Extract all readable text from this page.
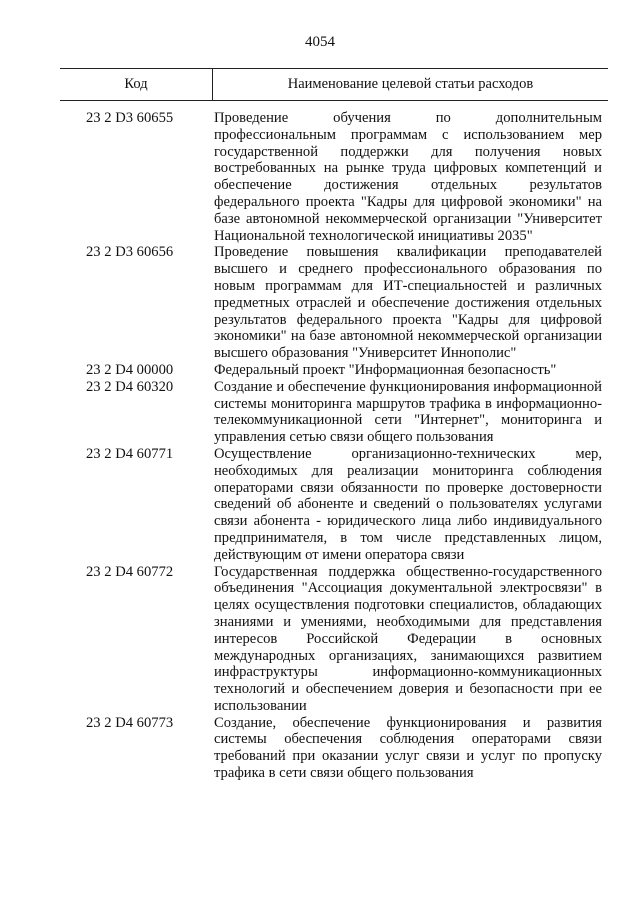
4054
Код	Наименование целевой статьи расходов
23 2 D3 60655	Проведение обучения по дополнительным профессиональным программам с использованием мер государственной поддержки для получения новых востребованных на рынке труда цифровых компетенций и обеспечение достижения отдельных результатов федерального проекта "Кадры для цифровой экономики" на базе автономной некоммерческой организации "Университет Национальной технологической инициативы 2035"
23 2 D3 60656	Проведение повышения квалификации преподавателей высшего и среднего профессионального образования по новым программам для ИТ-специальностей и различных предметных отраслей и обеспечение достижения отдельных результатов федерального проекта "Кадры для цифровой экономики" на базе автономной некоммерческой организации высшего образования "Университет Иннополис"
23 2 D4 00000	Федеральный проект "Информационная безопасность"
23 2 D4 60320	Создание и обеспечение функционирования информационной системы мониторинга маршрутов трафика в информационно-телекоммуникационной сети "Интернет", мониторинга и управления сетью связи общего пользования
23 2 D4 60771	Осуществление организационно-технических мер, необходимых для реализации мониторинга соблюдения операторами связи обязанности по проверке достоверности сведений об абоненте и сведений о пользователях услугами связи абонента - юридического лица либо индивидуального предпринимателя, в том числе представленных лицом, действующим от имени оператора связи
23 2 D4 60772	Государственная поддержка общественно-государственного объединения "Ассоциация документальной электросвязи" в целях осуществления подготовки специалистов, обладающих знаниями и умениями, необходимыми для представления интересов Российской Федерации в основных международных организациях, занимающихся развитием инфраструктуры информационно-коммуникационных технологий и обеспечением доверия и безопасности при ее использовании
23 2 D4 60773	Создание, обеспечение функционирования и развития системы обеспечения соблюдения операторами связи требований при оказании услуг связи и услуг по пропуску трафика в сети связи общего пользования
